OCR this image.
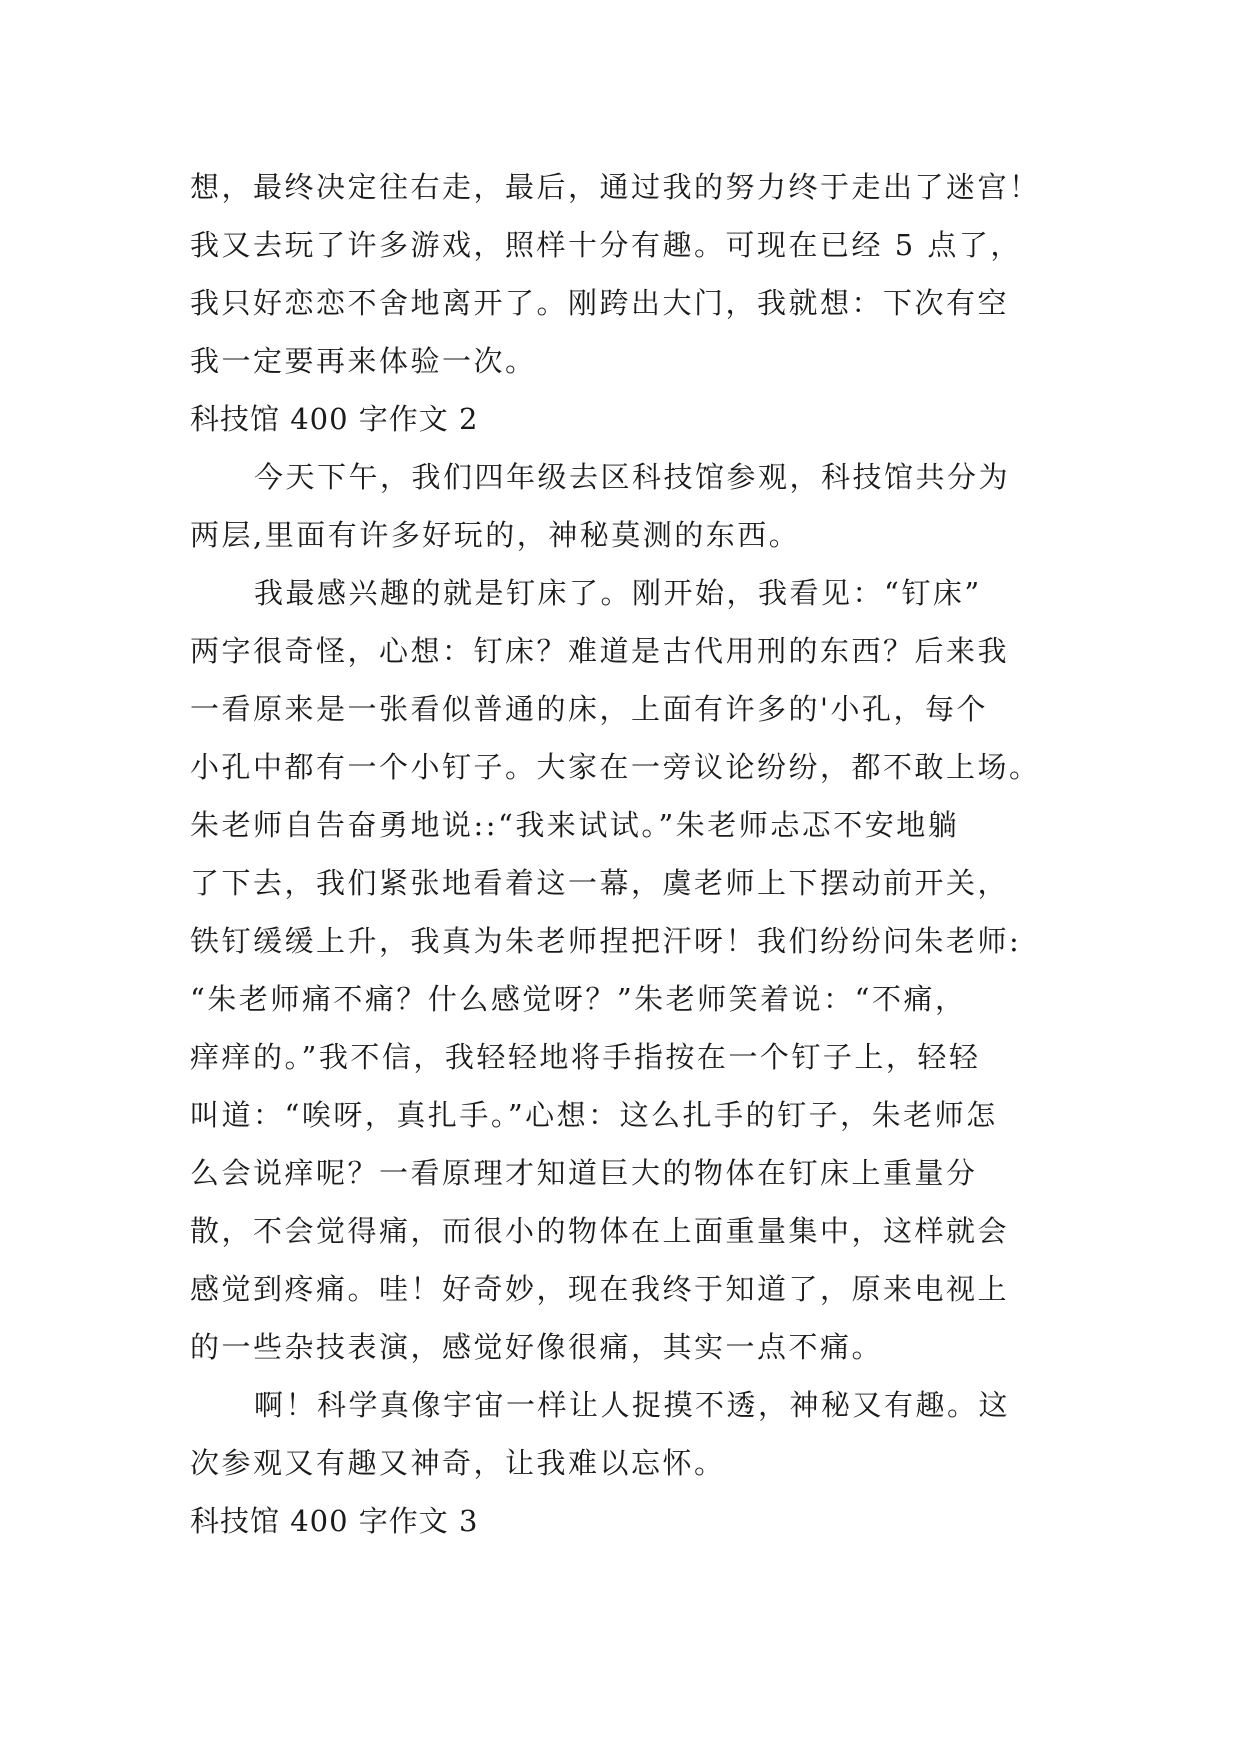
想，最终决定往右走，最后，通过我的努力终于走出了迷宫！
我又去玩了许多游戏，照样十分有趣。可现在已经 5 点了，
我只好恋恋不舍地离开了。刚跨出大门，我就想：下次有空
我一定要再来体验一次。
科技馆 400 字作文 2
今天下午，我们四年级去区科技馆参观，科技馆共分为
两层,里面有许多好玩的，神秘莫测的东西。
我最感兴趣的就是钉床了。刚开始，我看见：“钉床”
两字很奇怪，心想：钉床？难道是古代用刑的东西？后来我
一看原来是一张看似普通的床，上面有许多的'小孔，每个
小孔中都有一个小钉子。大家在一旁议论纷纷，都不敢上场。
朱老师自告奋勇地说::“我来试试。”朱老师忐忑不安地躺
了下去，我们紧张地看着这一幕，虞老师上下摆动前开关，
铁钉缓缓上升，我真为朱老师捏把汗呀！我们纷纷问朱老师:
“朱老师痛不痛？什么感觉呀？”朱老师笑着说：“不痛，
痒痒的。”我不信，我轻轻地将手指按在一个钉子上，轻轻
叫道：“唉呀，真扎手。”心想：这么扎手的钉子，朱老师怎
么会说痒呢？一看原理才知道巨大的物体在钉床上重量分
散，不会觉得痛，而很小的物体在上面重量集中，这样就会
感觉到疼痛。哇！好奇妙，现在我终于知道了，原来电视上
的一些杂技表演，感觉好像很痛，其实一点不痛。
啊！科学真像宇宙一样让人捉摸不透，神秘又有趣。这
次参观又有趣又神奇，让我难以忘怀。
科技馆 400 字作文 3
